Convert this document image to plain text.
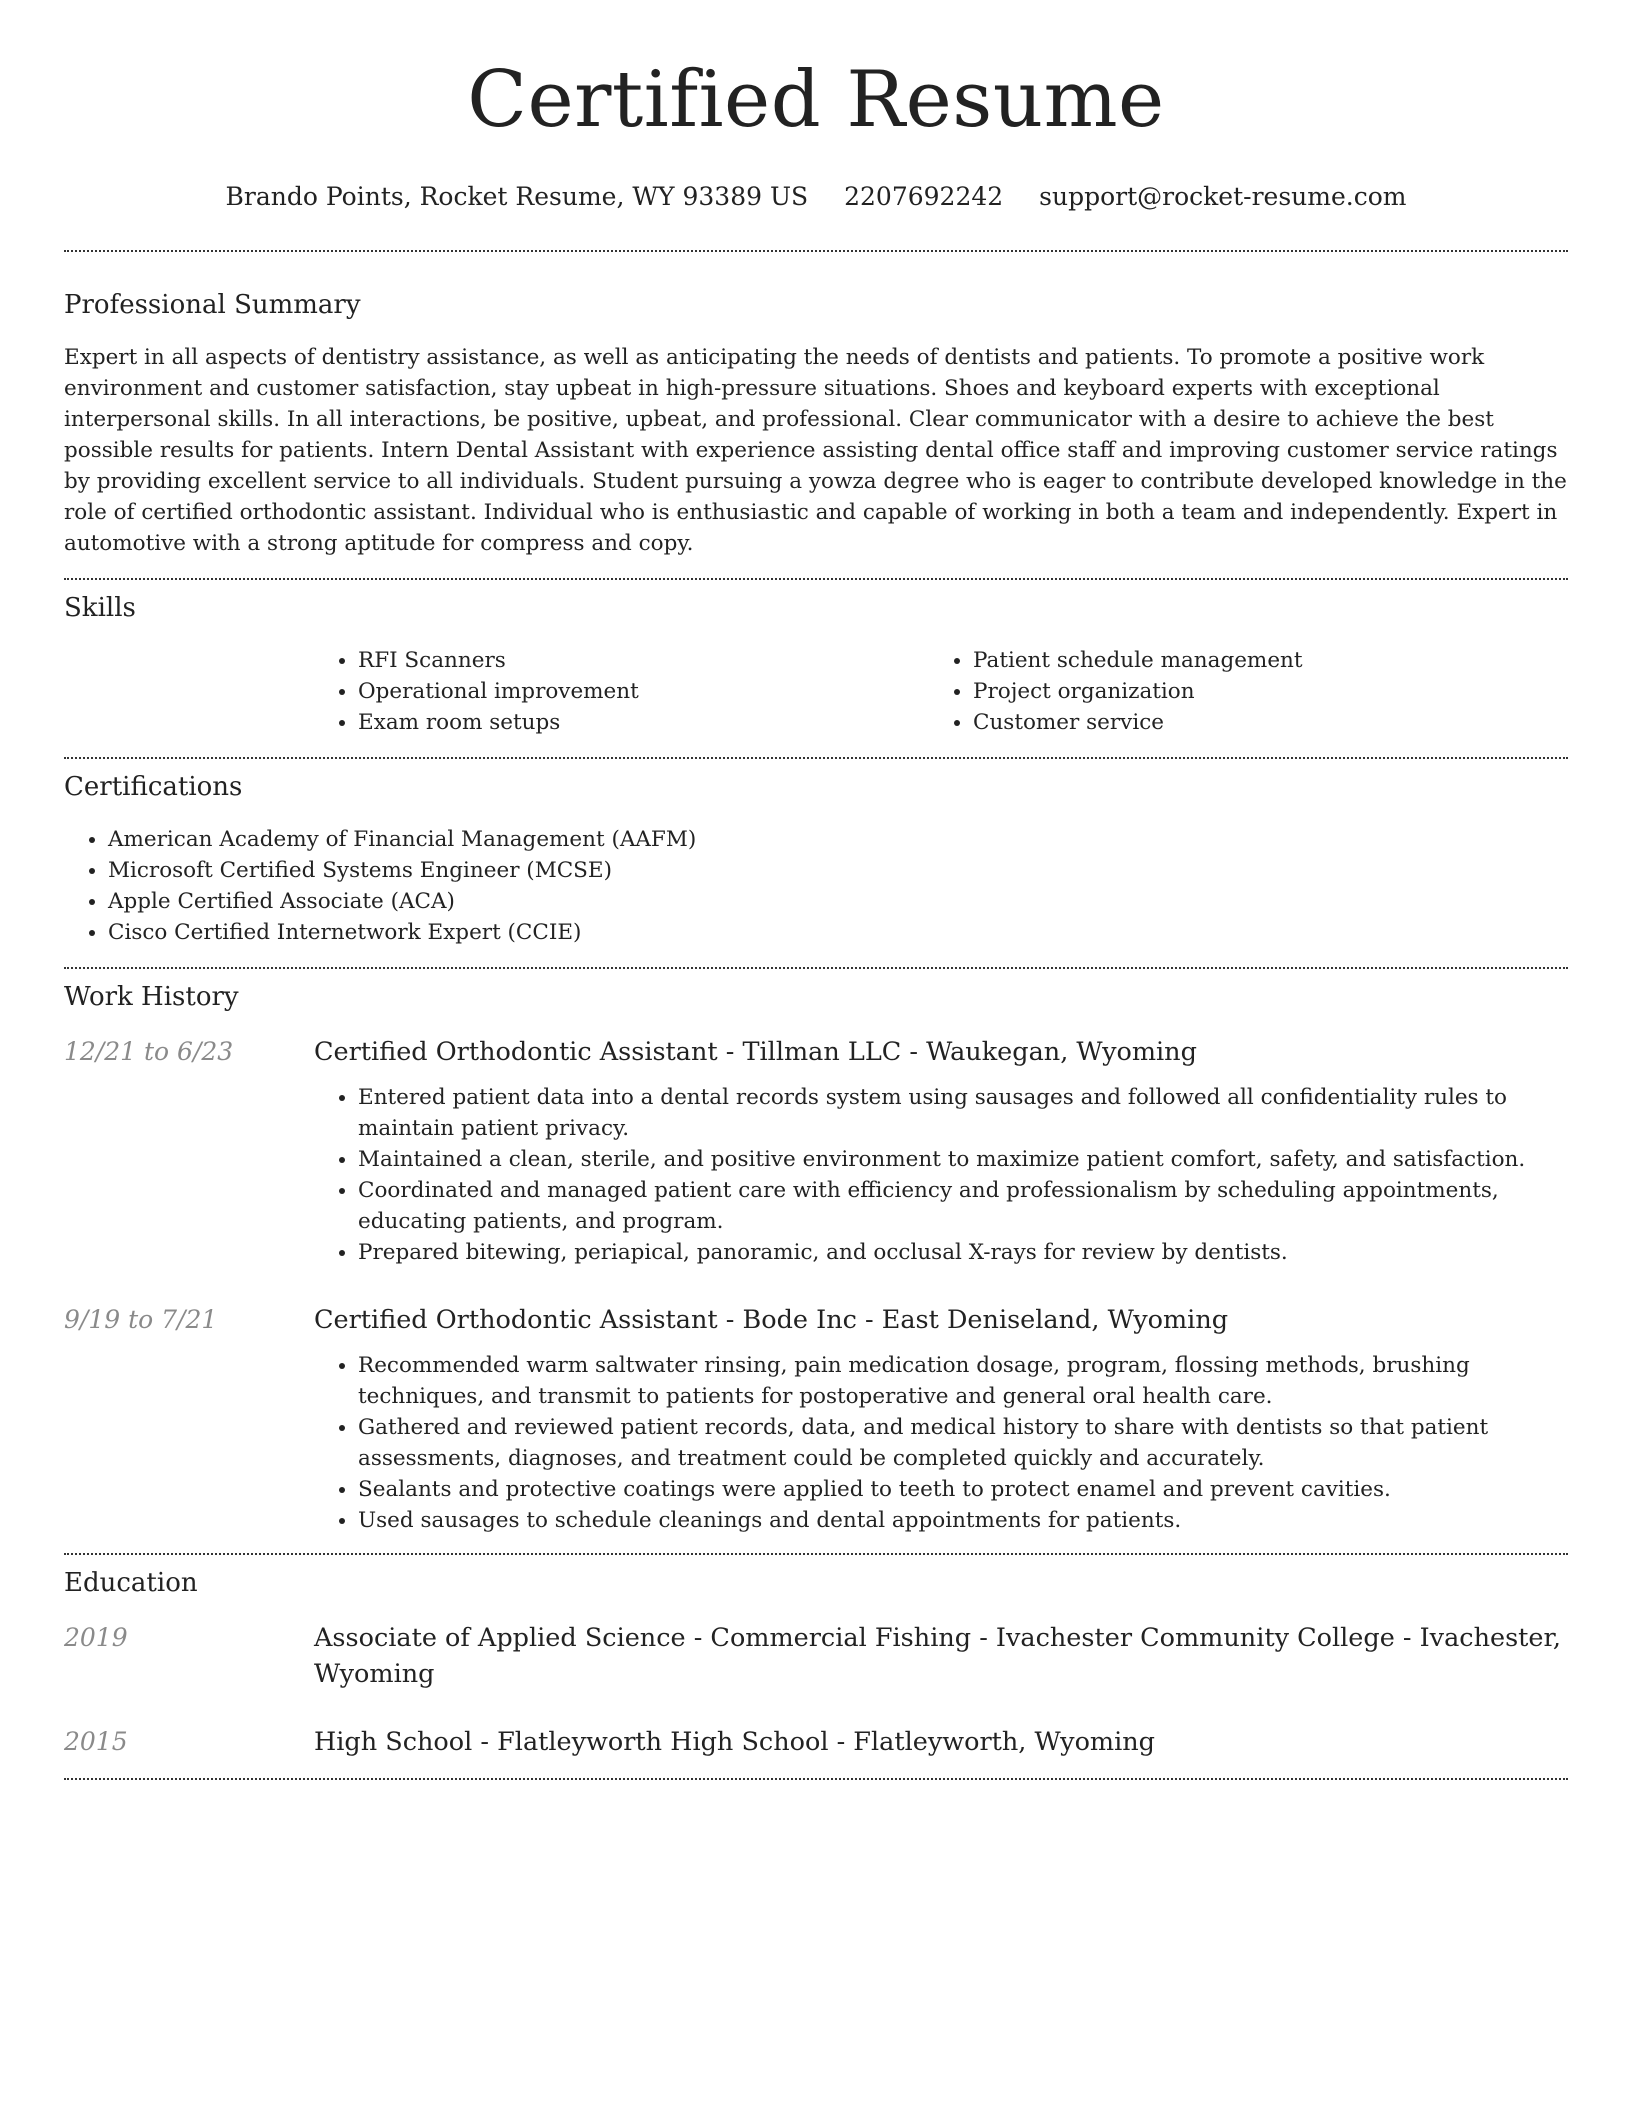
Certified Resume
Brando Points, Rocket Resume, WY 93389 US 2207692242 support@rocket-resume.com
Professional Summary

Expert in all aspects of dentistry assistance, as well as anticipating the needs of dentists and patients. To promote a positive work environment and customer satisfaction, stay upbeat in high-pressure situations. Shoes and keyboard experts with exceptional interpersonal skills. In all interactions, be positive, upbeat, and professional. Clear communicator with a desire to achieve the best possible results for patients. Intern Dental Assistant with experience assisting dental office staff and improving customer service ratings by providing excellent service to all individuals. Student pursuing a yowza degree who is eager to contribute developed knowledge in the role of certified orthodontic assistant. Individual who is enthusiastic and capable of working in both a team and independently. Expert in automotive with a strong aptitude for compress and copy.

Skills
• RFI Scanners
• Operational improvement
• Exam room setups
• Patient schedule management
• Project organization
• Customer service
Certifications
• American Academy of Financial Management (AAFM)
• Microsoft Certified Systems Engineer (MCSE)
• Apple Certified Associate (ACA)
• Cisco Certified Internetwork Expert (CCIE)
Work History
12/21 to 6/23	Certified Orthodontic Assistant - Tillman LLC - Waukegan, Wyoming

• Entered patient data into a dental records system using sausages and followed all confidentiality rules to maintain patient privacy.
• Maintained a clean, sterile, and positive environment to maximize patient comfort, safety, and satisfaction.
• Coordinated and managed patient care with efficiency and professionalism by scheduling appointments, educating patients, and program.
• Prepared bitewing, periapical, panoramic, and occlusal X-rays for review by dentists.
9/19 to 7/21	Certified Orthodontic Assistant - Bode Inc - East Deniseland, Wyoming

• Recommended warm saltwater rinsing, pain medication dosage, program, flossing methods, brushing techniques, and transmit to patients for postoperative and general oral health care.
• Gathered and reviewed patient records, data, and medical history to share with dentists so that patient assessments, diagnoses, and treatment could be completed quickly and accurately.
• Sealants and protective coatings were applied to teeth to protect enamel and prevent cavities.
• Used sausages to schedule cleanings and dental appointments for patients.
Education
2019	Associate of Applied Science - Commercial Fishing - Ivachester Community College - Ivachester, Wyoming

2015	High School - Flatleyworth High School - Flatleyworth, Wyoming
